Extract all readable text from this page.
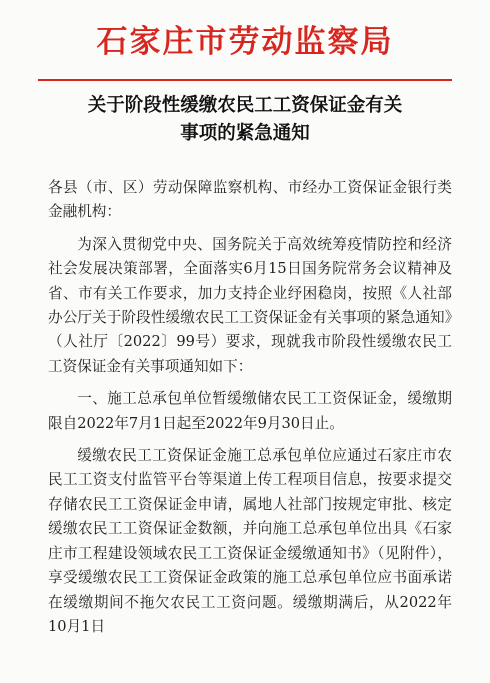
石家庄市劳动监察局
关于阶段性缓缴农民工工资保证金有关
事项的紧急通知

各县（市、区）劳动保障监察机构、市经办工资保证金银行类金融机构：

为深入贯彻党中央、国务院关于高效统筹疫情防控和经济社会发展决策部署，全面落实6月15日国务院常务会议精神及省、市有关工作要求，加力支持企业纾困稳岗，按照《人社部办公厅关于阶段性缓缴农民工工资保证金有关事项的紧急通知》（人社厅〔2022〕99号）要求，现就我市阶段性缓缴农民工工资保证金有关事项通知如下：

一、施工总承包单位暂缓缴储农民工工资保证金，缓缴期限自2022年7月1日起至2022年9月30日止。

缓缴农民工工资保证金施工总承包单位应通过石家庄市农民工工资支付监管平台等渠道上传工程项目信息，按要求提交存储农民工工资保证金申请，属地人社部门按规定审批、核定缓缴农民工工资保证金数额，并向施工总承包单位出具《石家庄市工程建设领域农民工工资保证金缓缴通知书》（见附件），享受缓缴农民工工资保证金政策的施工总承包单位应书面承诺在缓缴期间不拖欠农民工工资问题。缓缴期满后，从2022年10月1日
